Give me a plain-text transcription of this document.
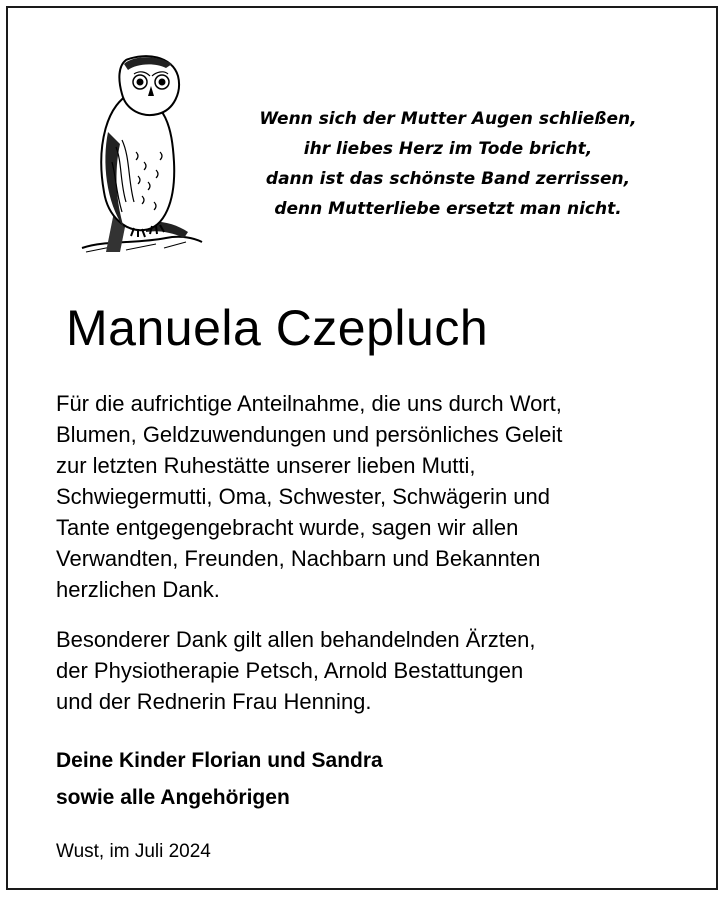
Wenn sich der Mutter Augen schließen,
ihr liebes Herz im Tode bricht,
dann ist das schönste Band zerrissen,
denn Mutterliebe ersetzt man nicht.
Manuela Czepluch
Für die aufrichtige Anteilnahme, die uns durch Wort,
Blumen, Geldzuwendungen und persönliches Geleit
zur letzten Ruhestätte unserer lieben Mutti,
Schwiegermutti, Oma, Schwester, Schwägerin und
Tante entgegengebracht wurde, sagen wir allen
Verwandten, Freunden, Nachbarn und Bekannten
herzlichen Dank.
Besonderer Dank gilt allen behandelnden Ärzten,
der Physiotherapie Petsch, Arnold Bestattungen
und der Rednerin Frau Henning.
Deine Kinder Florian und Sandra
sowie alle Angehörigen
Wust, im Juli 2024
